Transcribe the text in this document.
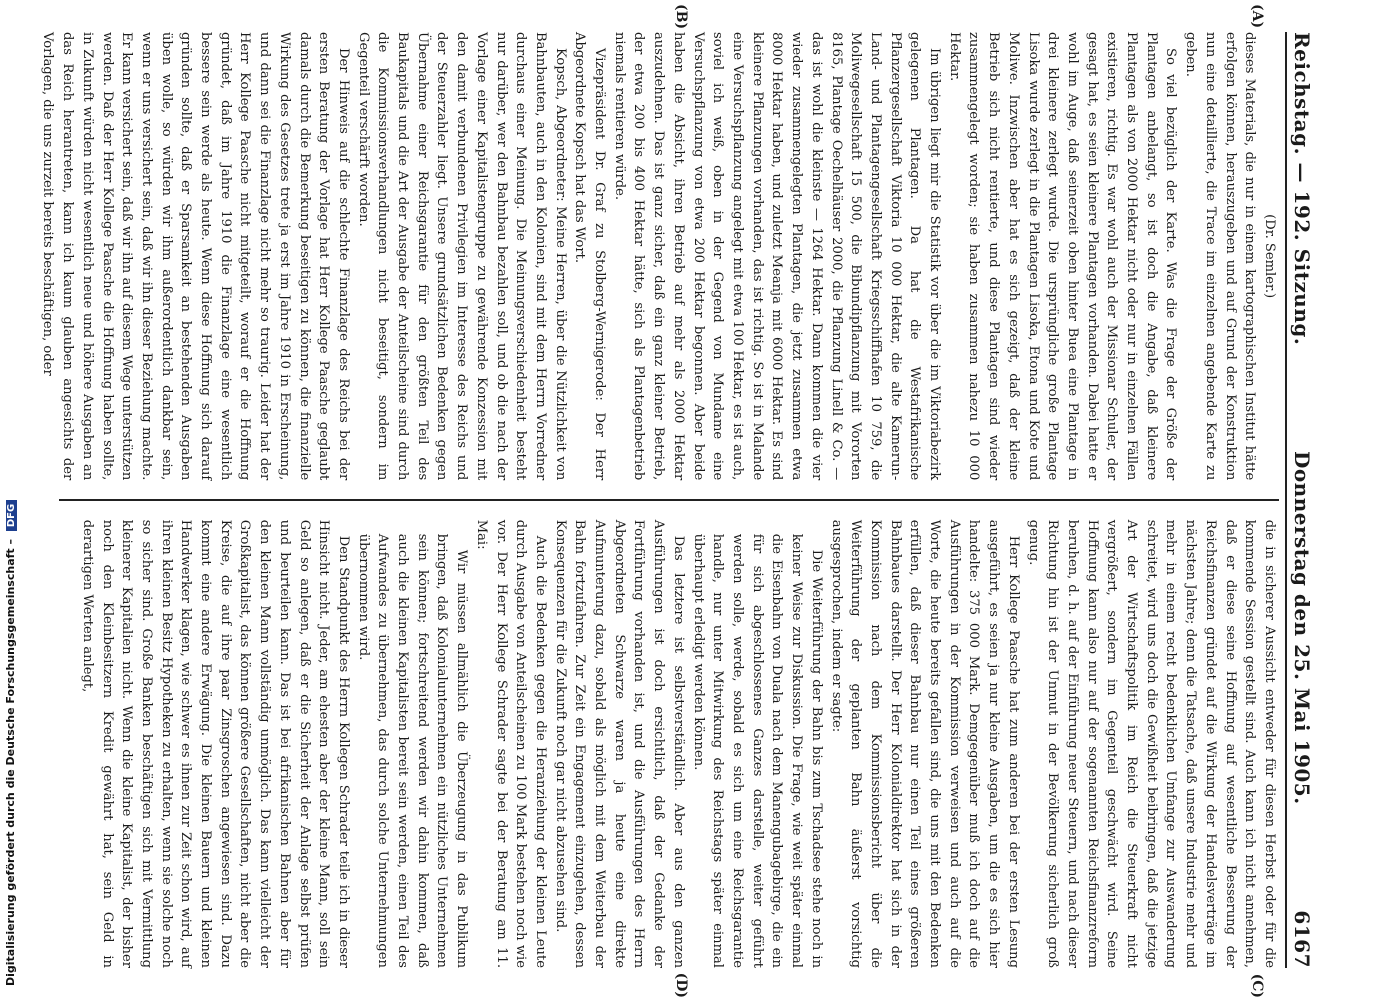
Reichstag. — 192. Sitzung.
Donnerstag den 25. Mai 1905.
6167
(A)
(B)
(C)
(D)

(Dr. Semler.)

dieses Materials, die nur in einem kartographischen Institut hätte erfolgen können, herauszugeben und auf Grund der Konstruktion nun eine detaillierte, die Trace im einzelnen angebende Karte zu geben.

So viel bezüglich der Karte. Was die Frage der Größe der Plantagen anbelangt, so ist doch die Angabe, daß kleinere Plantagen als von 2000 Hektar nicht oder nur in einzelnen Fällen existieren, richtig. Es war wohl auch der Missionar Schuler, der gesagt hat, es seien kleinere Plantagen vorhanden. Dabei hatte er wohl im Auge, daß seinerzeit oben hinter Buea eine Plantage in drei kleinere zerlegt wurde. Die ursprüngliche große Plantage Lisoka wurde zerlegt in die Plantagen Lisoka, Etona und Kote und Moliwe. Inzwischen aber hat es sich gezeigt, daß der kleine Betrieb sich nicht rentierte, und diese Plantagen sind wieder zusammengelegt worden; sie haben zusammen nahezu 10 000 Hektar.

Im übrigen liegt mir die Statistik vor über die im Viktoriabezirk gelegenen Plantagen. Da hat die Westafrikanische Pflanzergesellschaft Viktoria 10 000 Hektar, die alte Kamerun-Land- und Plantagengesellschaft Kriegsschiffhafen 10 759, die Moliwegesellschaft 15 500, die Bibundipflanzung mit Vororten 8165, Plantage Oechelhäuser 2000, die Pflanzung Linell & Co. — das ist wohl die kleinste — 1264 Hektar. Dann kommen die vier wieder zusammengelegten Plantagen, die jetzt zusammen etwa 8000 Hektar haben, und zuletzt Meanja mit 6000 Hektar. Es sind kleinere Pflanzungen vorhanden, das ist richtig. So ist in Malande eine Versuchspflanzung angelegt mit etwa 100 Hektar, es ist auch, soviel ich weiß, oben in der Gegend von Mundame eine Versuchspflanzung von etwa 200 Hektar begonnen. Aber beide haben die Absicht, ihren Betrieb auf mehr als 2000 Hektar auszudehnen. Das ist ganz sicher, daß ein ganz kleiner Betrieb, der etwa 200 bis 400 Hektar hätte, sich als Plantagenbetrieb niemals rentieren würde.

Vizepräsident Dr. Graf zu Stolberg-Wernigerode: Der Herr Abgeordnete Kopsch hat das Wort.

Kopsch, Abgeordneter: Meine Herren, über die Nützlichkeit von Bahnbauten, auch in den Kolonien, sind mit dem Herrn Vorredner durchaus einer Meinung. Die Meinungsverschiedenheit besteht nur darüber, wer den Bahnbau bezahlen soll, und ob die nach der Vorlage einer Kapitalistengruppe zu gewährende Konzession mit den damit verbundenen Privilegien im Interesse des Reichs und der Steuerzahler liegt. Unsere grundsätzlichen Bedenken gegen Übernahme einer Reichsgarantie für den größten Teil des Baukapitals und die Art der Ausgabe der Anteilscheine sind durch die Kommissionsverhandlungen nicht beseitigt, sondern im Gegenteil verschärft worden.

Der Hinweis auf die schlechte Finanzlage des Reichs bei der ersten Beratung der Vorlage hat Herr Kollege Paasche geglaubt damals durch die Bemerkung beseitigen zu können, die finanzielle Wirkung des Gesetzes trete ja erst im Jahre 1910 in Erscheinung, und dann sei die Finanzlage nicht mehr so traurig. Leider hat der Herr Kollege Paasche nicht mitgeteilt, worauf er die Hoffnung gründet, daß im Jahre 1910 die Finanzlage eine wesentlich bessere sein werde als heute. Wenn diese Hoffnung sich darauf gründen sollte, daß er Sparsamkeit an bestehenden Ausgaben üben wolle, so würden wir ihm außerordentlich dankbar sein, wenn er uns versichert sein, daß wir ihn dieser Beziehung machte. Er kann versichert sein, daß wir ihn auf diesem Wege unterstützen werden. Daß der Herr Kollege Paasche die Hoffnung haben sollte, in Zukunft würden nicht wesentlich neue und höhere Ausgaben an das Reich herantreten, kann ich kaum glauben angesichts der Vorlagen, die uns zurzeit bereits beschäftigen, oder

die in sicherer Aussicht entweder für diesen Herbst oder für die kommende Session gestellt sind. Auch kann ich nicht annehmen, daß er diese seine Hoffnung auf wesentliche Besserung der Reichsfinanzen gründet auf die Wirkung der Handelsverträge im nächsten Jahre; denn die Tatsache, daß unsere Industrie mehr und mehr in einem recht bedenklichen Umfange zur Auswanderung schreitet, wird uns doch die Gewißheit beibringen, daß die jetzige Art der Wirtschaftspolitik im Reich die Steuerkraft nicht vergrößert, sondern im Gegenteil geschwächt wird. Seine Hoffnung kann also nur auf der sogenannten Reichsfinanzreform beruhen, d. h. auf der Einführung neuer Steuern, und nach dieser Richtung hin ist der Unmut in der Bevölkerung sicherlich groß genug.

Herr Kollege Paasche hat zum anderen bei der ersten Lesung ausgeführt, es seien ja nur kleine Ausgaben, um die es sich hier handelte: 375 000 Mark. Demgegenüber muß ich doch auf die Ausführungen in der Kommission verweisen und auch auf die Worte, die heute bereits gefallen sind, die uns mit den Bedenken erfüllen, daß dieser Bahnbau nur einen Teil eines größeren Bahnbaues darstellt. Der Herr Kolonialdirektor hat sich in der Kommission nach dem Kommissionsbericht über die Weiterführung der geplanten Bahn äußerst vorsichtig ausgesprochen, indem er sagte:

Die Weiterführung der Bahn bis zum Tschadsee stehe noch in keiner Weise zur Diskussion. Die Frage, wie weit später einmal die Eisenbahn von Duala nach dem Manengubagebirge, die ein für sich abgeschlossenes Ganzes darstelle, weiter geführt werden solle, werde, sobald es sich um eine Reichsgarantie handle, nur unter Mitwirkung des Reichstags später einmal überhaupt erledigt werden können.

Das letztere ist selbstverständlich. Aber aus den ganzen Ausführungen ist doch ersichtlich, daß der Gedanke der Fortführung vorhanden ist, und die Ausführungen des Herrn Abgeordneten Schwarze waren ja heute eine direkte Aufmunterung dazu, sobald als möglich mit dem Weiterbau der Bahn fortzufahren. Zur Zeit ein Engagement einzugehen, dessen Konsequenzen für die Zukunft noch gar nicht abzusehen sind.

Auch die Bedenken gegen die Heranziehung der kleinen Leute durch Ausgabe von Anteilscheinen zu 100 Mark bestehen noch wie vor. Der Herr Kollege Schrader sagte bei der Beratung am 11. Mai:

Wir müssen allmählich die Überzeugung in das Publikum bringen, daß Kolonialunternehmen ein nützliches Unternehmen sein können; fortschreitend werden wir dahin kommen, daß auch die kleinen Kapitalisten bereit sein werden, einen Teil des Aufwandes zu übernehmen, das durch solche Unternehmungen übernommen wird.

Den Standpunkt des Herrn Kollegen Schrader teile ich in dieser Hinsicht nicht. Jeder, am ehesten aber der kleine Mann, soll sein Geld so anlegen, daß er die Sicherheit der Anlage selbst prüfen und beurteilen kann. Das ist bei afrikanischen Bahnen aber für den kleinen Mann vollständig unmöglich. Das kann vielleicht der Großkapitalist, das können größere Gesellschaften, nicht aber die Kreise, die auf ihre paar Zinsgroschen angewiesen sind. Dazu kommt eine andere Erwägung. Die kleinen Bauern und kleinen Handwerker klagen, wie schwer es ihnen zur Zeit schon wird, auf ihren kleinen Besitz Hypotheken zu erhalten, wenn sie solche noch so sicher sind. Große Banken beschäftigen sich mit Vermittlung kleinerer Kapitalien nicht. Wenn die kleine Kapitalist, der bisher noch den Kleinbesitzern Kredit gewährt hat, sein Geld in derartigen Werten anlegt,

Digitalisierung gefördert durch die Deutsche Forschungsgemeinschaft – DFG
